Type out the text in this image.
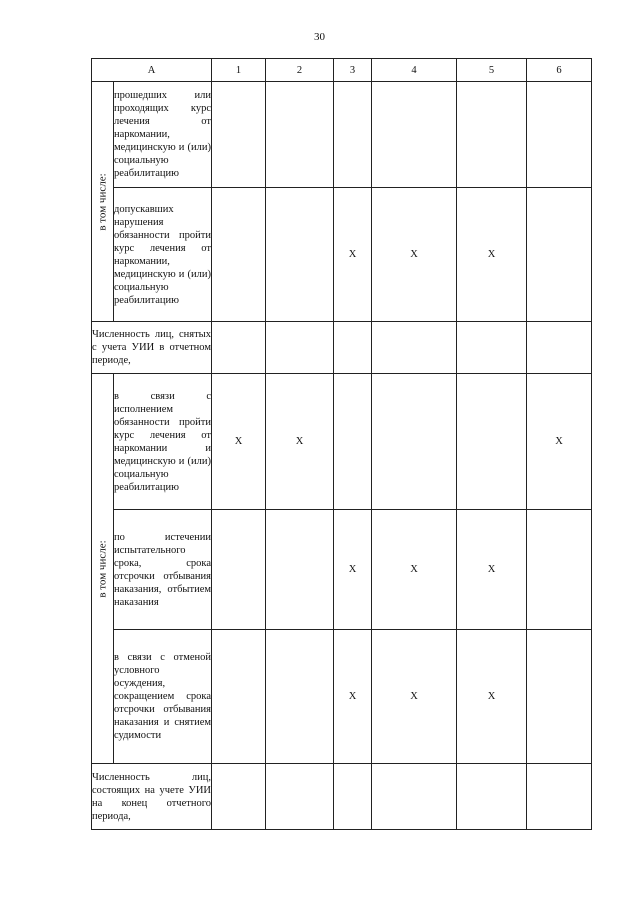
30
А		1	2	3	4	5	6

в том числе:	прошедших или проходящих курс лечения от наркомании, медицинскую и (или) социальную реабилитацию						
	допускавших нарушения обязанности пройти курс лечения от наркомании, медицинскую и (или) социальную реабилитацию			X	X	X	
Численность лиц, снятых с учета УИИ в отчетном периоде,							

в том числе:	в связи с исполнением обязанности пройти курс лечения от наркомании и медицинскую и (или) социальную реабилитацию	X	X				X
	по истечении испытательного срока, срока отсрочки отбывания наказания, отбытием наказания			X	X	X	
	в связи с отменой условного осуждения, сокращением срока отсрочки отбывания наказания и снятием судимости			X	X	X	
Численность лиц, состоящих на учете УИИ на конец отчетного периода,							
